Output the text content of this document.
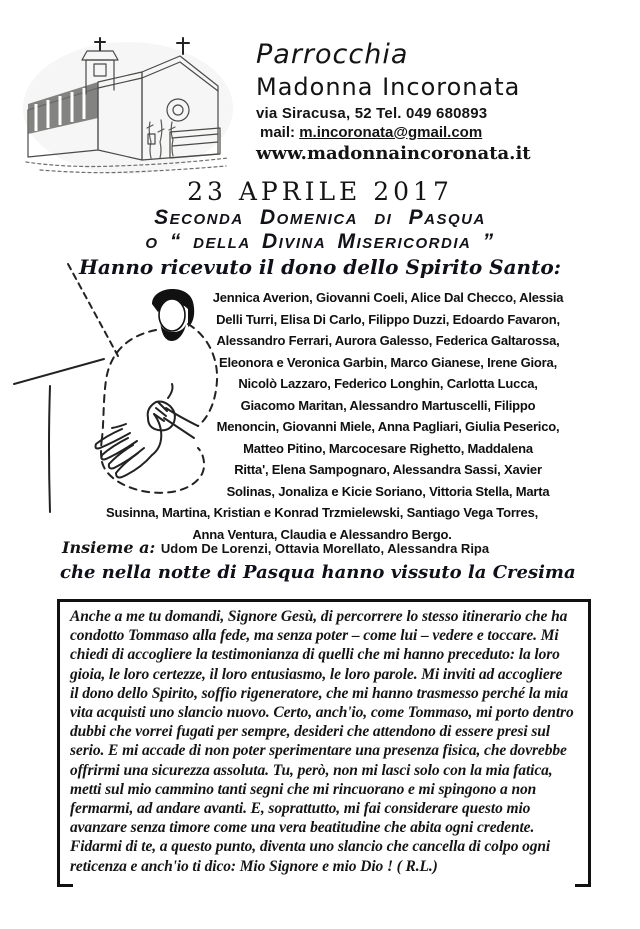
Parrocchia
Madonna Incoronata
via Siracusa, 52 Tel. 049 680893
mail: m.incoronata@gmail.com
www.madonnaincoronata.it
23 APRILE 2017
Seconda Domenica di Pasqua
o “ della Divina Misericordia ”
Hanno ricevuto il dono dello Spirito Santo:
Jennica Averion, Giovanni Coeli, Alice Dal Checco, Alessia
Delli Turri, Elisa Di Carlo, Filippo Duzzi, Edoardo Favaron,
Alessandro Ferrari, Aurora Galesso, Federica Galtarossa,
Eleonora e Veronica Garbin, Marco Gianese, Irene Giora,
Nicolò Lazzaro, Federico Longhin, Carlotta Lucca,
Giacomo Maritan, Alessandro Martuscelli, Filippo
Menoncin, Giovanni Miele, Anna Pagliari, Giulia Peserico,
Matteo Pitino, Marcocesare Righetto, Maddalena
Ritta', Elena Sampognaro, Alessandra Sassi, Xavier
Solinas, Jonaliza e Kicie Soriano, Vittoria Stella, Marta
Susinna, Martina, Kristian e Konrad Trzmielewski, Santiago Vega Torres,
Anna Ventura, Claudia e Alessandro Bergo.
Insieme a: Udom De Lorenzi, Ottavia Morellato, Alessandra Ripa
che nella notte di Pasqua hanno vissuto la Cresima
Anche a me tu domandi, Signore Gesù, di percorrere lo stesso itinerario che ha
condotto Tommaso alla fede, ma senza poter – come lui – vedere e toccare. Mi
chiedi di accogliere la testimonianza di quelli che mi hanno preceduto: la loro
gioia, le loro certezze, il loro entusiasmo, le loro parole. Mi inviti ad accogliere
il dono dello Spirito, soffio rigeneratore, che mi hanno trasmesso perché la mia
vita acquisti uno slancio nuovo. Certo, anch'io, come Tommaso, mi porto dentro
dubbi che vorrei fugati per sempre, desideri che attendono di essere presi sul
serio. E mi accade di non poter sperimentare una presenza fisica, che dovrebbe
offrirmi una sicurezza assoluta. Tu, però, non mi lasci solo con la mia fatica,
metti sul mio cammino tanti segni che mi rincuorano e mi spingono a non
fermarmi, ad andare avanti. E, soprattutto, mi fai considerare questo mio
avanzare senza timore come una vera beatitudine che abita ogni credente.
Fidarmi di te, a questo punto, diventa uno slancio che cancella di colpo ogni
reticenza e anch'io ti dico: Mio Signore e mio Dio ! ( R.L.)
